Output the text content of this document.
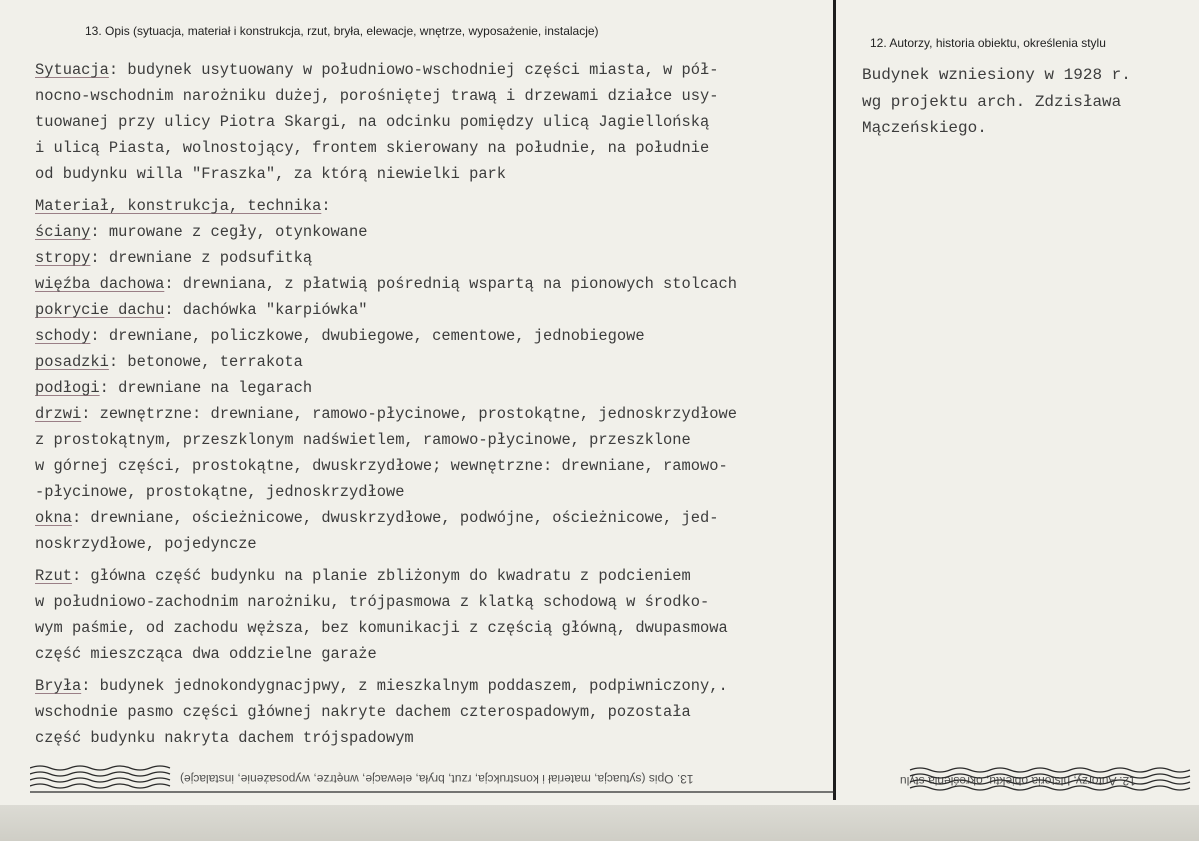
13. Opis (sytuacja, materiał i konstrukcja, rzut, bryła, elewacje, wnętrze, wyposażenie, instalacje)
12. Autorzy, historia obiektu, określenia stylu
Sytuacja: budynek usytuowany w południowo-wschodniej części miasta, w pół-
nocno-wschodnim narożniku dużej, porośniętej trawą i drzewami działce usy-
tuowanej przy ulicy Piotra Skargi, na odcinku pomiędzy ulicą Jagiellońską
i ulicą Piasta, wolnostojący, frontem skierowany na południe, na południe
od budynku willa "Fraszka", za którą niewielki park
Materiał, konstrukcja, technika:
ściany: murowane z cegły, otynkowane
stropy: drewniane z podsufitką
więźba dachowa: drewniana, z płatwią pośrednią wspartą na pionowych stolcach
pokrycie dachu: dachówka "karpiówka"
schody: drewniane, policzkowe, dwubiegowe, cementowe, jednobiegowe
posadzki: betonowe, terrakota
podłogi: drewniane na legarach
drzwi: zewnętrzne: drewniane, ramowo-płycinowe, prostokątne, jednoskrzydłowe
z prostokątnym, przeszklonym nadświetlem, ramowo-płycinowe, przeszklone
w górnej części, prostokątne, dwuskrzydłowe; wewnętrzne: drewniane, ramowo-
-płycinowe, prostokątne, jednoskrzydłowe
okna: drewniane, ościeżnicowe, dwuskrzydłowe, podwójne, ościeżnicowe, jed-
noskrzydłowe, pojedyncze
Rzut: główna część budynku na planie zbliżonym do kwadratu z podcieniem
w południowo-zachodnim narożniku, trójpasmowa z klatką schodową w środko-
wym paśmie, od zachodu węższa, bez komunikacji z częścią główną, dwupasmowa
część mieszcząca dwa oddzielne garaże
Bryła: budynek jednokondygnacjpwy, z mieszkalnym poddaszem, podpiwniczony,.
wschodnie pasmo części głównej nakryte dachem czterospadowym, pozostała
część budynku nakryta dachem trójspadowym
Budynek wzniesiony w 1928 r.
wg projektu arch. Zdzisława
Mączeńskiego.
13. Opis (sytuacja, materiał i konstrukcja, rzut, bryła, elewacje, wnętrze, wyposażenie, instalacje)	12. Autorzy, historia obiektu, określenia stylu
